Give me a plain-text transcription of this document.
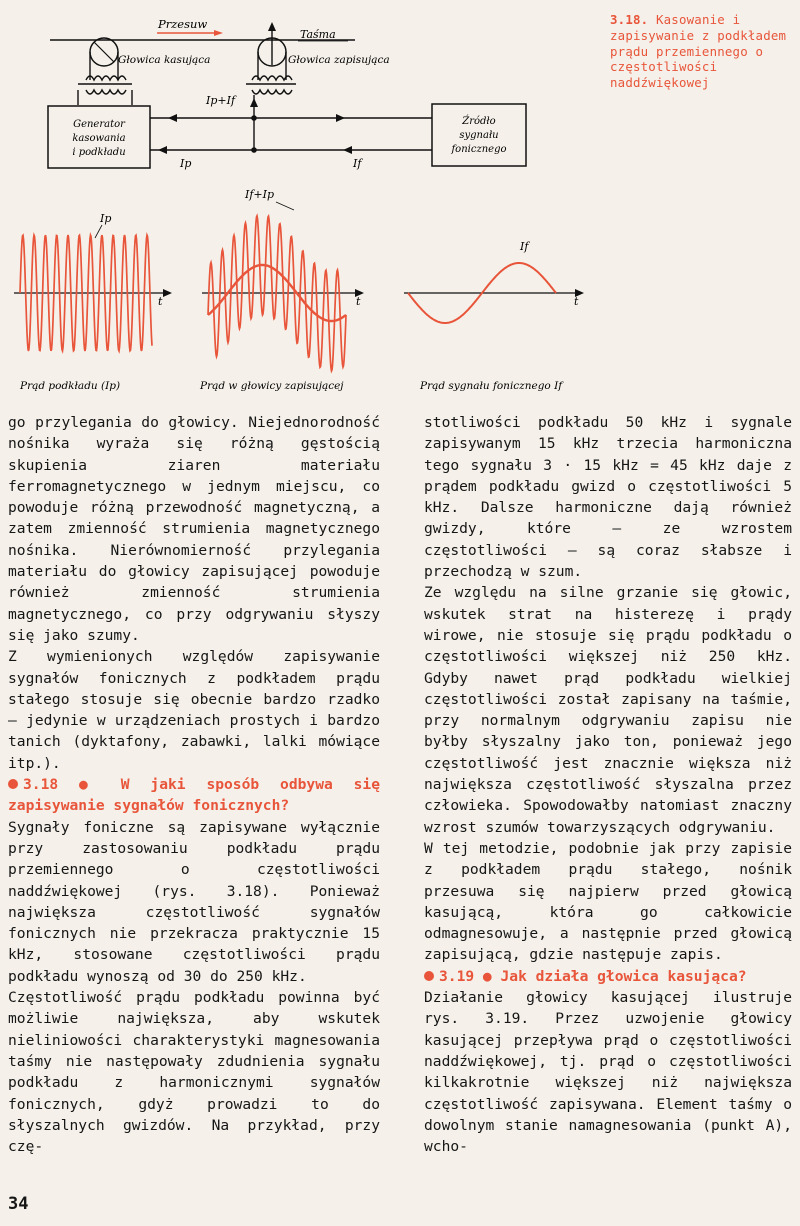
Przesuw
Taśma
Głowica kasująca	Głowica zapisująca
Ip+If
Generator
kasowania
i podkładu
Źródło
sygnału
fonicznego
Ip	If
t
Ip
t
If+Ip
t
If
Prąd podkładu (Ip)	Prąd w głowicy zapisującej	Prąd sygnału fonicznego If
3.18. Kasowanie i zapisywanie z podkładem prądu przemiennego o częstotliwości naddźwiękowej

go przylegania do głowicy. Niejednorodność nośnika wyraża się różną gęstością skupienia ziaren materiału ferromagnetycznego w jednym miejscu, co powoduje różną przewodność magnetyczną, a zatem zmienność strumienia magnetycznego nośnika. Nierównomierność przylegania materiału do głowicy zapisującej powoduje również zmienność strumienia magnetycznego, co przy odgrywaniu słyszy się jako szumy.

Z wymienionych względów zapisywanie sygnałów fonicznych z podkładem prądu stałego stosuje się obecnie bardzo rzadko — jedynie w urządzeniach prostych i bardzo tanich (dyktafony, zabawki, lalki mówiące itp.).

3.18 ● W jaki sposób odbywa się zapisywanie sygnałów fonicznych?

Sygnały foniczne są zapisywane wyłącznie przy zastosowaniu podkładu prądu przemiennego o częstotliwości naddźwiękowej (rys. 3.18). Ponieważ największa częstotliwość sygnałów fonicznych nie przekracza praktycznie 15 kHz, stosowane częstotliwości prądu podkładu wynoszą od 30 do 250 kHz.

Częstotliwość prądu podkładu powinna być możliwie największa, aby wskutek nieliniowości charakterystyki magnesowania taśmy nie następowały zdudnienia sygnału podkładu z harmonicznymi sygnałów fonicznych, gdyż prowadzi to do słyszalnych gwizdów. Na przykład, przy czę-

stotliwości podkładu 50 kHz i sygnale zapisywanym 15 kHz trzecia harmoniczna tego sygnału 3 · 15 kHz = 45 kHz daje z prądem podkładu gwizd o częstotliwości 5 kHz. Dalsze harmoniczne dają również gwizdy, które — ze wzrostem częstotliwości — są coraz słabsze i przechodzą w szum.

Ze względu na silne grzanie się głowic, wskutek strat na histerezę i prądy wirowe, nie stosuje się prądu podkładu o częstotliwości większej niż 250 kHz. Gdyby nawet prąd podkładu wielkiej częstotliwości został zapisany na taśmie, przy normalnym odgrywaniu zapisu nie byłby słyszalny jako ton, ponieważ jego częstotliwość jest znacznie większa niż największa częstotliwość słyszalna przez człowieka. Spowodowałby natomiast znaczny wzrost szumów towarzyszących odgrywaniu.

W tej metodzie, podobnie jak przy zapisie z podkładem prądu stałego, nośnik przesuwa się najpierw przed głowicą kasującą, która go całkowicie odmagnesowuje, a następnie przed głowicą zapisującą, gdzie następuje zapis.

3.19 ● Jak działa głowica kasująca?

Działanie głowicy kasującej ilustruje rys. 3.19. Przez uzwojenie głowicy kasującej przepływa prąd o częstotliwości naddźwiękowej, tj. prąd o częstotliwości kilkakrotnie większej niż największa częstotliwość zapisywana. Element taśmy o dowolnym stanie namagnesowania (punkt A), wcho-

34
